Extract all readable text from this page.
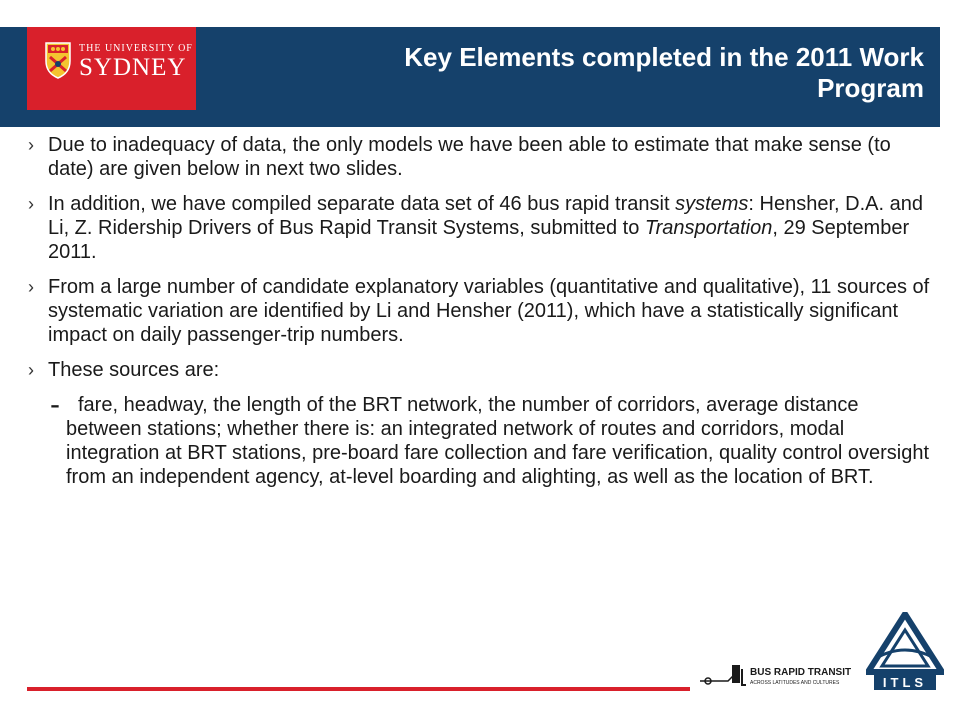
Key Elements completed in the 2011 Work
Program
THE UNIVERSITY OF
SYDNEY
› Due to inadequacy of data, the only models we have been able to estimate that make sense (to date) are given below in next two slides.
› In addition, we have compiled separate data set of 46 bus rapid transit systems: Hensher, D.A. and Li, Z. Ridership Drivers of Bus Rapid Transit Systems, submitted to Transportation, 29 September 2011.
› From a large number of candidate explanatory variables (quantitative and qualitative), 11 sources of systematic variation are identified by Li and Hensher (2011), which have a statistically significant impact on daily passenger-trip numbers.
› These sources are:
- fare, headway, the length of the BRT network, the number of corridors, average distance between stations; whether there is: an integrated network of routes and corridors, modal integration at BRT stations, pre-board fare collection and fare verification, quality control oversight from an independent agency, at-level boarding and alighting, as well as the location of BRT.
BUS RAPID TRANSIT
ACROSS LATITUDES AND CULTURES	ITLS
